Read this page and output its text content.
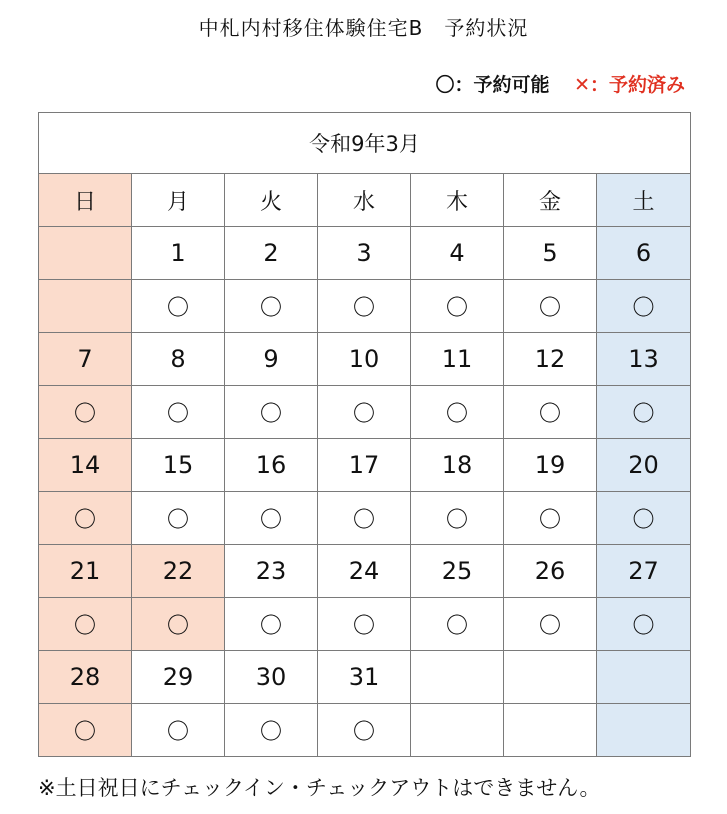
中札内村移住体験住宅B　予約状況
〇：予約可能 ✕：予約済み
令和9年3月						
日	月	火	水	木	金	土
	1	2	3	4	5	6
	〇	〇	〇	〇	〇	〇
7	8	9	10	11	12	13
〇	〇	〇	〇	〇	〇	〇
14	15	16	17	18	19	20
〇	〇	〇	〇	〇	〇	〇
21	22	23	24	25	26	27
〇	〇	〇	〇	〇	〇	〇
28	29	30	31			
〇	〇	〇	〇			
※土日祝日にチェックイン・チェックアウトはできません。
